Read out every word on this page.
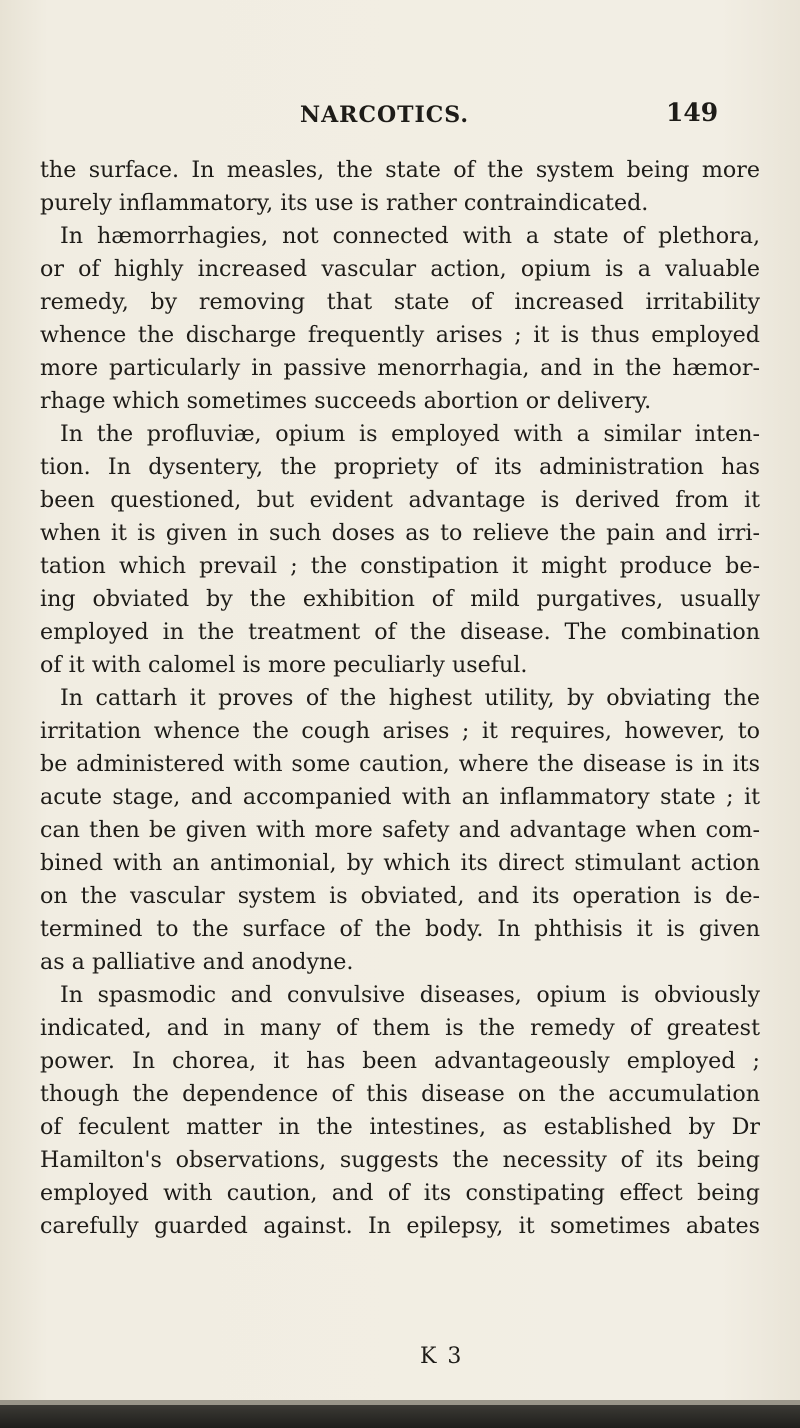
NARCOTICS.	149
the surface. In measles, the state of the system being more
purely inflammatory, its use is rather contraindicated.
In hæmorrhagies, not connected with a state of plethora,
or of highly increased vascular action, opium is a valuable
remedy, by removing that state of increased irritability
whence the discharge frequently arises ; it is thus employed
more particularly in passive menorrhagia, and in the hæmor-
rhage which sometimes succeeds abortion or delivery.
In the profluviæ, opium is employed with a similar inten-
tion. In dysentery, the propriety of its administration has
been questioned, but evident advantage is derived from it
when it is given in such doses as to relieve the pain and irri-
tation which prevail ; the constipation it might produce be-
ing obviated by the exhibition of mild purgatives, usually
employed in the treatment of the disease. The combination
of it with calomel is more peculiarly useful.
In cattarh it proves of the highest utility, by obviating the
irritation whence the cough arises ; it requires, however, to
be administered with some caution, where the disease is in its
acute stage, and accompanied with an inflammatory state ; it
can then be given with more safety and advantage when com-
bined with an antimonial, by which its direct stimulant action
on the vascular system is obviated, and its operation is de-
termined to the surface of the body. In phthisis it is given
as a palliative and anodyne.
In spasmodic and convulsive diseases, opium is obviously
indicated, and in many of them is the remedy of greatest
power. In chorea, it has been advantageously employed ;
though the dependence of this disease on the accumulation
of feculent matter in the intestines, as established by Dr
Hamilton's observations, suggests the necessity of its being
employed with caution, and of its constipating effect being
carefully guarded against. In epilepsy, it sometimes abates
K 3
